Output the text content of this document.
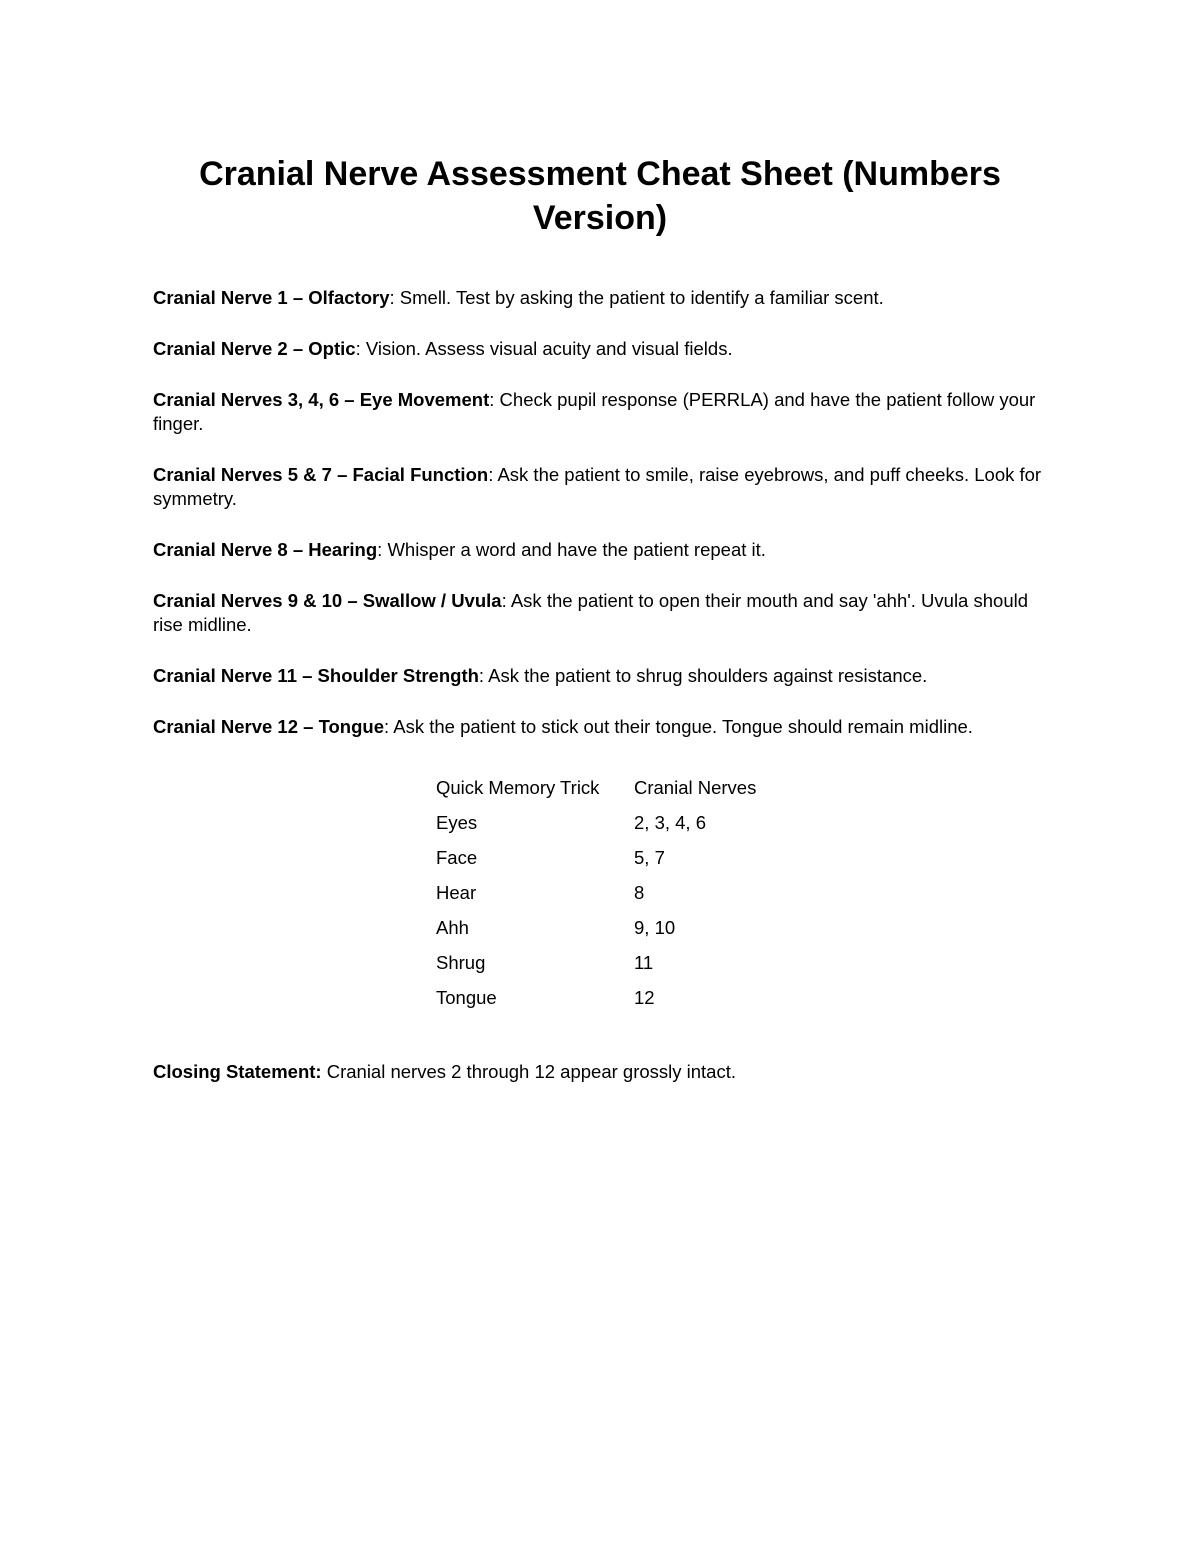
Cranial Nerve Assessment Cheat Sheet (Numbers Version)

Cranial Nerve 1 – Olfactory: Smell. Test by asking the patient to identify a familiar scent.

Cranial Nerve 2 – Optic: Vision. Assess visual acuity and visual fields.

Cranial Nerves 3, 4, 6 – Eye Movement: Check pupil response (PERRLA) and have the patient follow your finger.

Cranial Nerves 5 & 7 – Facial Function: Ask the patient to smile, raise eyebrows, and puff cheeks. Look for symmetry.

Cranial Nerve 8 – Hearing: Whisper a word and have the patient repeat it.

Cranial Nerves 9 & 10 – Swallow / Uvula: Ask the patient to open their mouth and say 'ahh'. Uvula should rise midline.

Cranial Nerve 11 – Shoulder Strength: Ask the patient to shrug shoulders against resistance.

Cranial Nerve 12 – Tongue: Ask the patient to stick out their tongue. Tongue should remain midline.

Quick Memory Trick	Cranial Nerves
Eyes	2, 3, 4, 6
Face	5, 7
Hear	8
Ahh	9, 10
Shrug	11
Tongue	12

Closing Statement: Cranial nerves 2 through 12 appear grossly intact.
